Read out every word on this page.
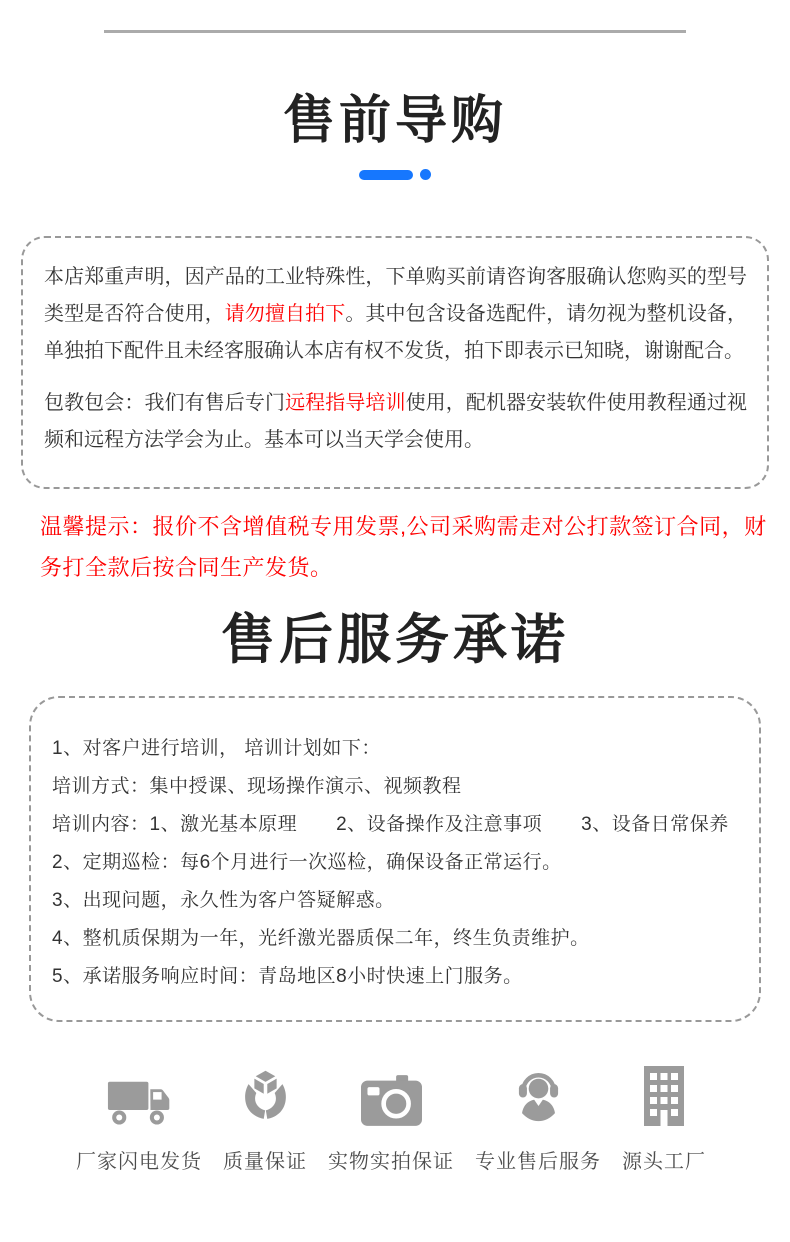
售前导购

本店郑重声明，因产品的工业特殊性，下单购买前请咨询客服确认您购买的型号类型是否符合使用，请勿擅自拍下。其中包含设备选配件，请勿视为整机设备，单独拍下配件且未经客服确认本店有权不发货，拍下即表示已知晓，谢谢配合。

包教包会：我们有售后专门远程指导培训使用，配机器安装软件使用教程通过视频和远程方法学会为止。基本可以当天学会使用。

温馨提示：报价不含增值税专用发票,公司采购需走对公打款签订合同，财务打全款后按合同生产发货。

售后服务承诺
1、对客户进行培训， 培训计划如下：
培训方式：集中授课、现场操作演示、视频教程
培训内容：1、激光基本原理　　2、设备操作及注意事项　　3、设备日常保养
2、定期巡检：每6个月进行一次巡检，确保设备正常运行。
3、出现问题，永久性为客户答疑解惑。
4、整机质保期为一年，光纤激光器质保二年，终生负责维护。
5、承诺服务响应时间：青岛地区8小时快速上门服务。
厂家闪电发货 质量保证 实物实拍保证 专业售后服务 源头工厂
